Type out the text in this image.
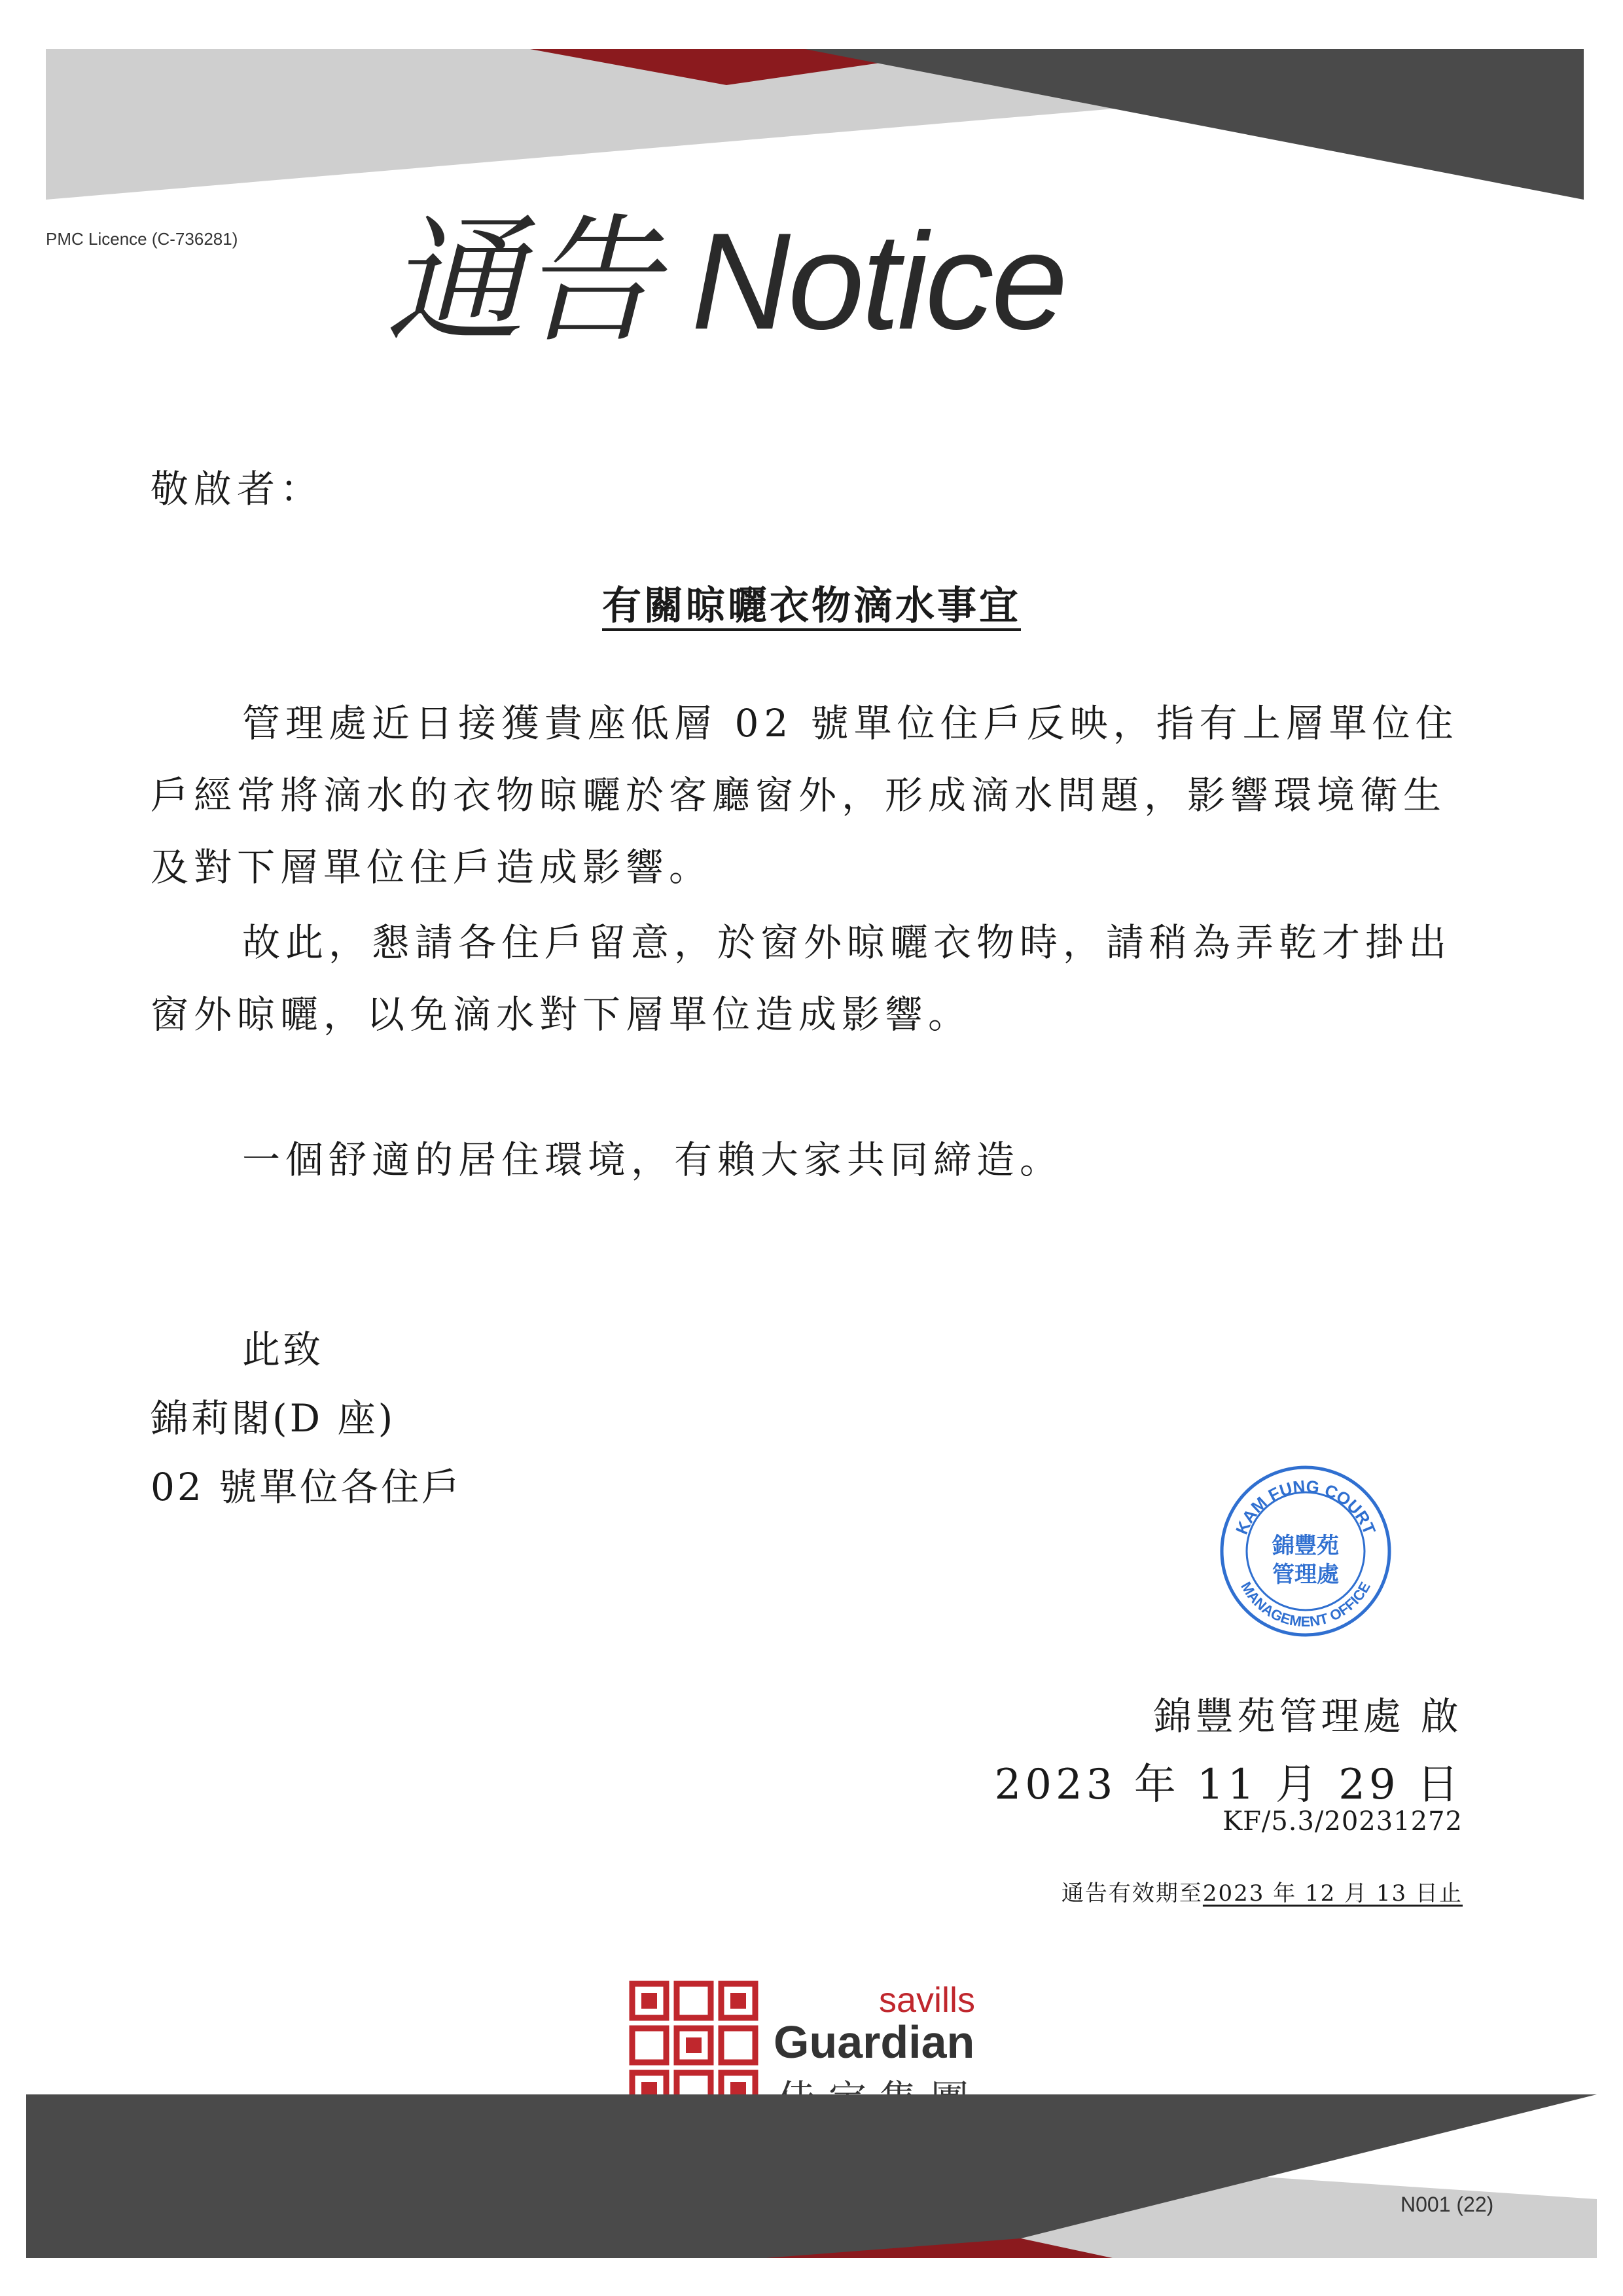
PMC Licence (C-736281) 通告 Notice
敬啟者：
有關晾曬衣物滴水事宜

管理處近日接獲貴座低層 02 號單位住戶反映，指有上層單位住戶經常將滴水的衣物晾曬於客廳窗外，形成滴水問題，影響環境衛生及對下層單位住戶造成影響。

故此，懇請各住戶留意，於窗外晾曬衣物時，請稍為弄乾才掛出窗外晾曬，以免滴水對下層單位造成影響。

一個舒適的居住環境，有賴大家共同締造。
此致
錦莉閣(D 座)
02 號單位各住戶
KAM FUNG COURT
錦豐苑
管理處
MANAGEMENT OFFICE
錦豐苑管理處 啟
2023 年 11 月 29 日
KF/5.3/20231272
通告有效期至2023 年 12 月 13 日止
savills
Guardian
N001 (22)
